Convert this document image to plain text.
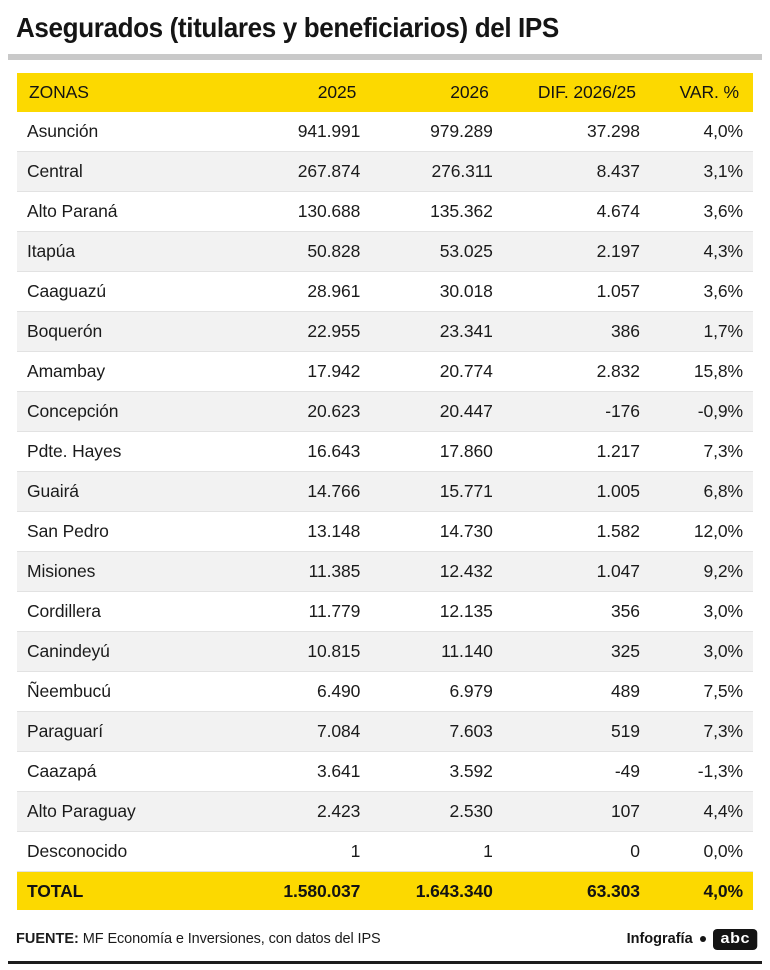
Asegurados (titulares y beneficiarios) del IPS
ZONAS	2025	2026	DIF. 2026/25	VAR. %
Asunción	941.991	979.289	37.298	4,0%
Central	267.874	276.311	8.437	3,1%
Alto Paraná	130.688	135.362	4.674	3,6%
Itapúa	50.828	53.025	2.197	4,3%
Caaguazú	28.961	30.018	1.057	3,6%
Boquerón	22.955	23.341	386	1,7%
Amambay	17.942	20.774	2.832	15,8%
Concepción	20.623	20.447	-176	-0,9%
Pdte. Hayes	16.643	17.860	1.217	7,3%
Guairá	14.766	15.771	1.005	6,8%
San Pedro	13.148	14.730	1.582	12,0%
Misiones	11.385	12.432	1.047	9,2%
Cordillera	11.779	12.135	356	3,0%
Canindeyú	10.815	11.140	325	3,0%
Ñeembucú	6.490	6.979	489	7,5%
Paraguarí	7.084	7.603	519	7,3%
Caazapá	3.641	3.592	-49	-1,3%
Alto Paraguay	2.423	2.530	107	4,4%
Desconocido	1	1	0	0,0%
TOTAL	1.580.037	1.643.340	63.303	4,0%
FUENTE: MF Economía e Inversiones, con datos del IPS	Infografía	abc
